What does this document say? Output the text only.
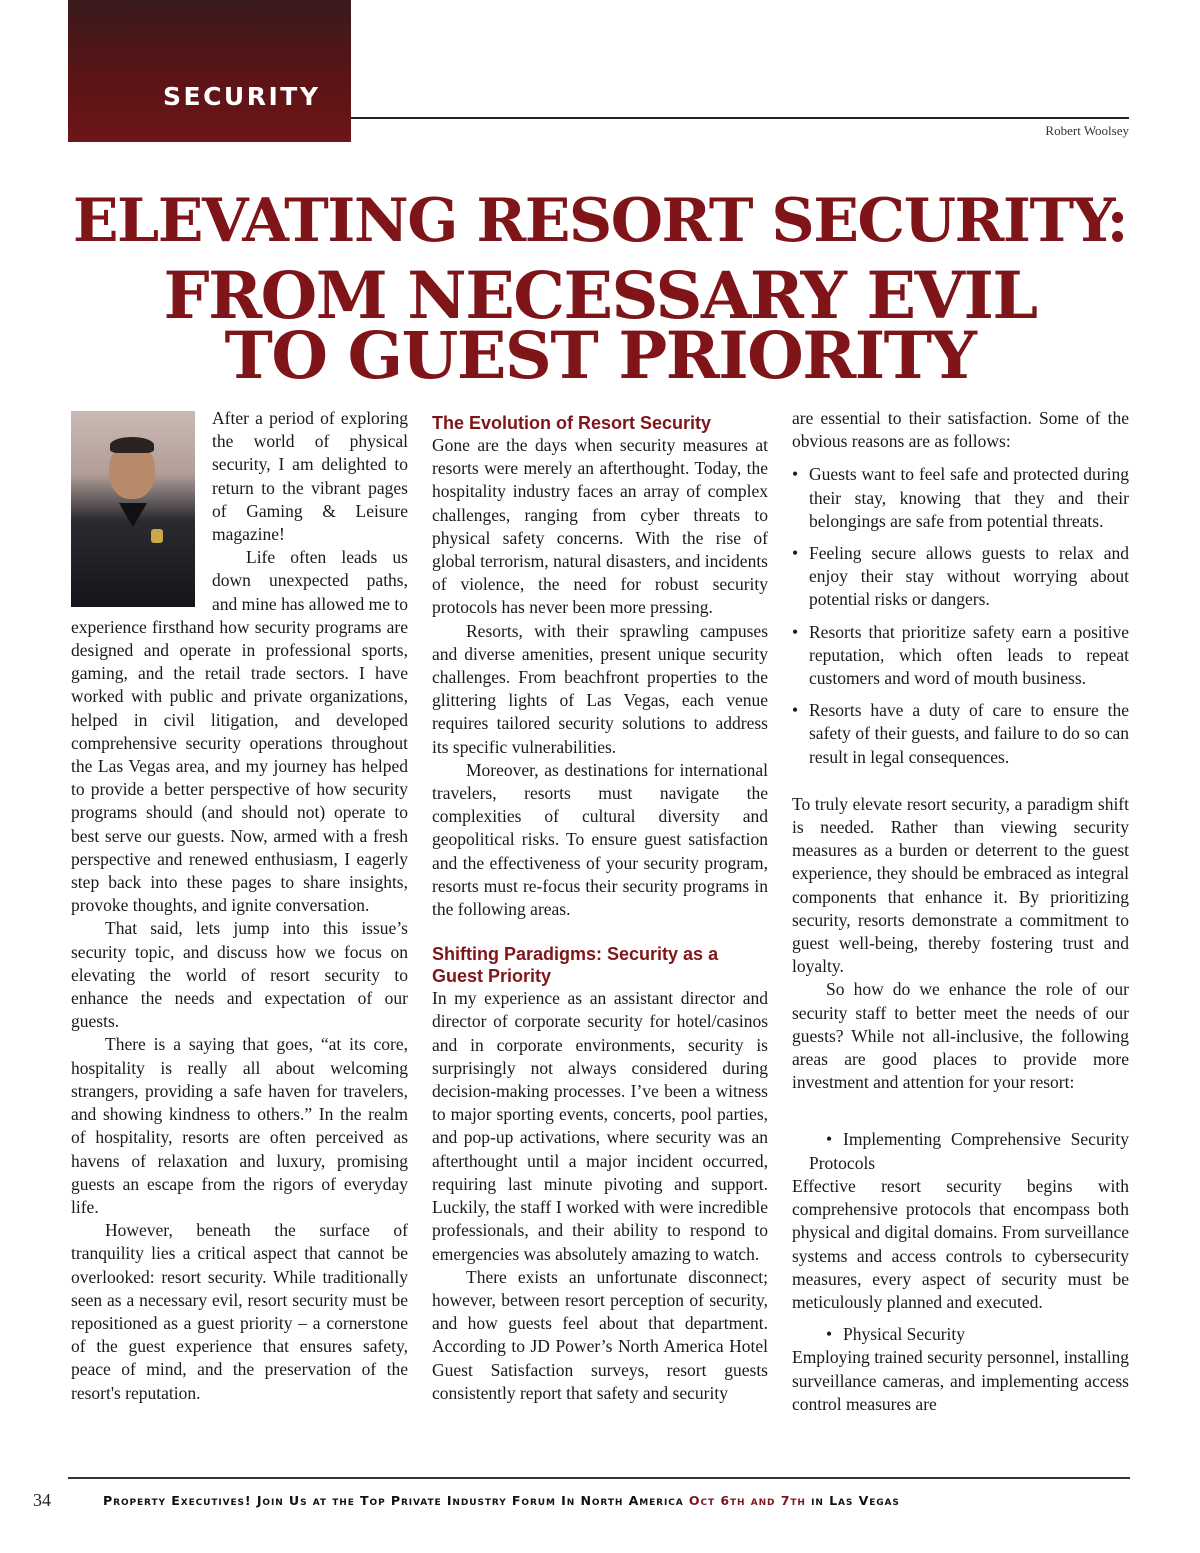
SECURITY
Robert Woolsey
ELEVATING RESORT SECURITY:
FROM NECESSARY EVIL
TO GUEST PRIORITY

After a period of exploring the world of physical security, I am delighted to return to the vibrant pages of Gaming & Leisure magazine!

Life often leads us down unexpected paths, and mine has allowed me to experience firsthand how security programs are designed and operate in professional sports, gaming, and the retail trade sectors. I have worked with public and private organizations, helped in civil litigation, and developed comprehensive security operations throughout the Las Vegas area, and my journey has helped to provide a better perspective of how security programs should (and should not) operate to best serve our guests. Now, armed with a fresh perspective and renewed enthusiasm, I eagerly step back into these pages to share insights, provoke thoughts, and ignite conversation.

That said, lets jump into this issue’s security topic, and discuss how we focus on elevating the world of resort security to enhance the needs and expectation of our guests.

There is a saying that goes, “at its core, hospitality is really all about welcoming strangers, providing a safe haven for travelers, and showing kindness to others.” In the realm of hospitality, resorts are often perceived as havens of relaxation and luxury, promising guests an escape from the rigors of everyday life.

However, beneath the surface of tranquility lies a critical aspect that cannot be overlooked: resort security. While traditionally seen as a necessary evil, resort security must be repositioned as a guest priority – a cornerstone of the guest experience that ensures safety, peace of mind, and the preservation of the resort's reputation.

The Evolution of Resort Security

Gone are the days when security measures at resorts were merely an afterthought. Today, the hospitality industry faces an array of complex challenges, ranging from cyber threats to physical safety concerns. With the rise of global terrorism, natural disasters, and incidents of violence, the need for robust security protocols has never been more pressing.

Resorts, with their sprawling campuses and diverse amenities, present unique security challenges. From beachfront properties to the glittering lights of Las Vegas, each venue requires tailored security solutions to address its specific vulnerabilities.

Moreover, as destinations for international travelers, resorts must navigate the complexities of cultural diversity and geopolitical risks. To ensure guest satisfaction and the effectiveness of your security program, resorts must re-focus their security programs in the following areas.

Shifting Paradigms: Security as a Guest Priority

In my experience as an assistant director and director of corporate security for hotel/casinos and in corporate environments, security is surprisingly not always considered during decision-making processes. I’ve been a witness to major sporting events, concerts, pool parties, and pop-up activations, where security was an afterthought until a major incident occurred, requiring last minute pivoting and support. Luckily, the staff I worked with were incredible professionals, and their ability to respond to emergencies was absolutely amazing to watch.

There exists an unfortunate disconnect; however, between resort perception of security, and how guests feel about that department. According to JD Power’s North America Hotel Guest Satisfaction surveys, resort guests consistently report that safety and security

are essential to their satisfaction. Some of the obvious reasons are as follows:

• Guests want to feel safe and protected during their stay, knowing that they and their belongings are safe from potential threats.
• Feeling secure allows guests to relax and enjoy their stay without worrying about potential risks or dangers.
• Resorts that prioritize safety earn a positive reputation, which often leads to repeat customers and word of mouth business.
• Resorts have a duty of care to ensure the safety of their guests, and failure to do so can result in legal consequences.

To truly elevate resort security, a paradigm shift is needed. Rather than viewing security measures as a burden or deterrent to the guest experience, they should be embraced as integral components that enhance it. By prioritizing security, resorts demonstrate a commitment to guest well-being, thereby fostering trust and loyalty.

So how do we enhance the role of our security staff to better meet the needs of our guests? While not all-inclusive, the following areas are good places to provide more investment and attention for your resort:

• Implementing Comprehensive Security Protocols

Effective resort security begins with comprehensive protocols that encompass both physical and digital domains. From surveillance systems and access controls to cybersecurity measures, every aspect of security must be meticulously planned and executed.

• Physical Security

Employing trained security personnel, installing surveillance cameras, and implementing access control measures are

34	Property Executives! Join Us at the Top Private Industry Forum In North America Oct 6th and 7th in Las Vegas
